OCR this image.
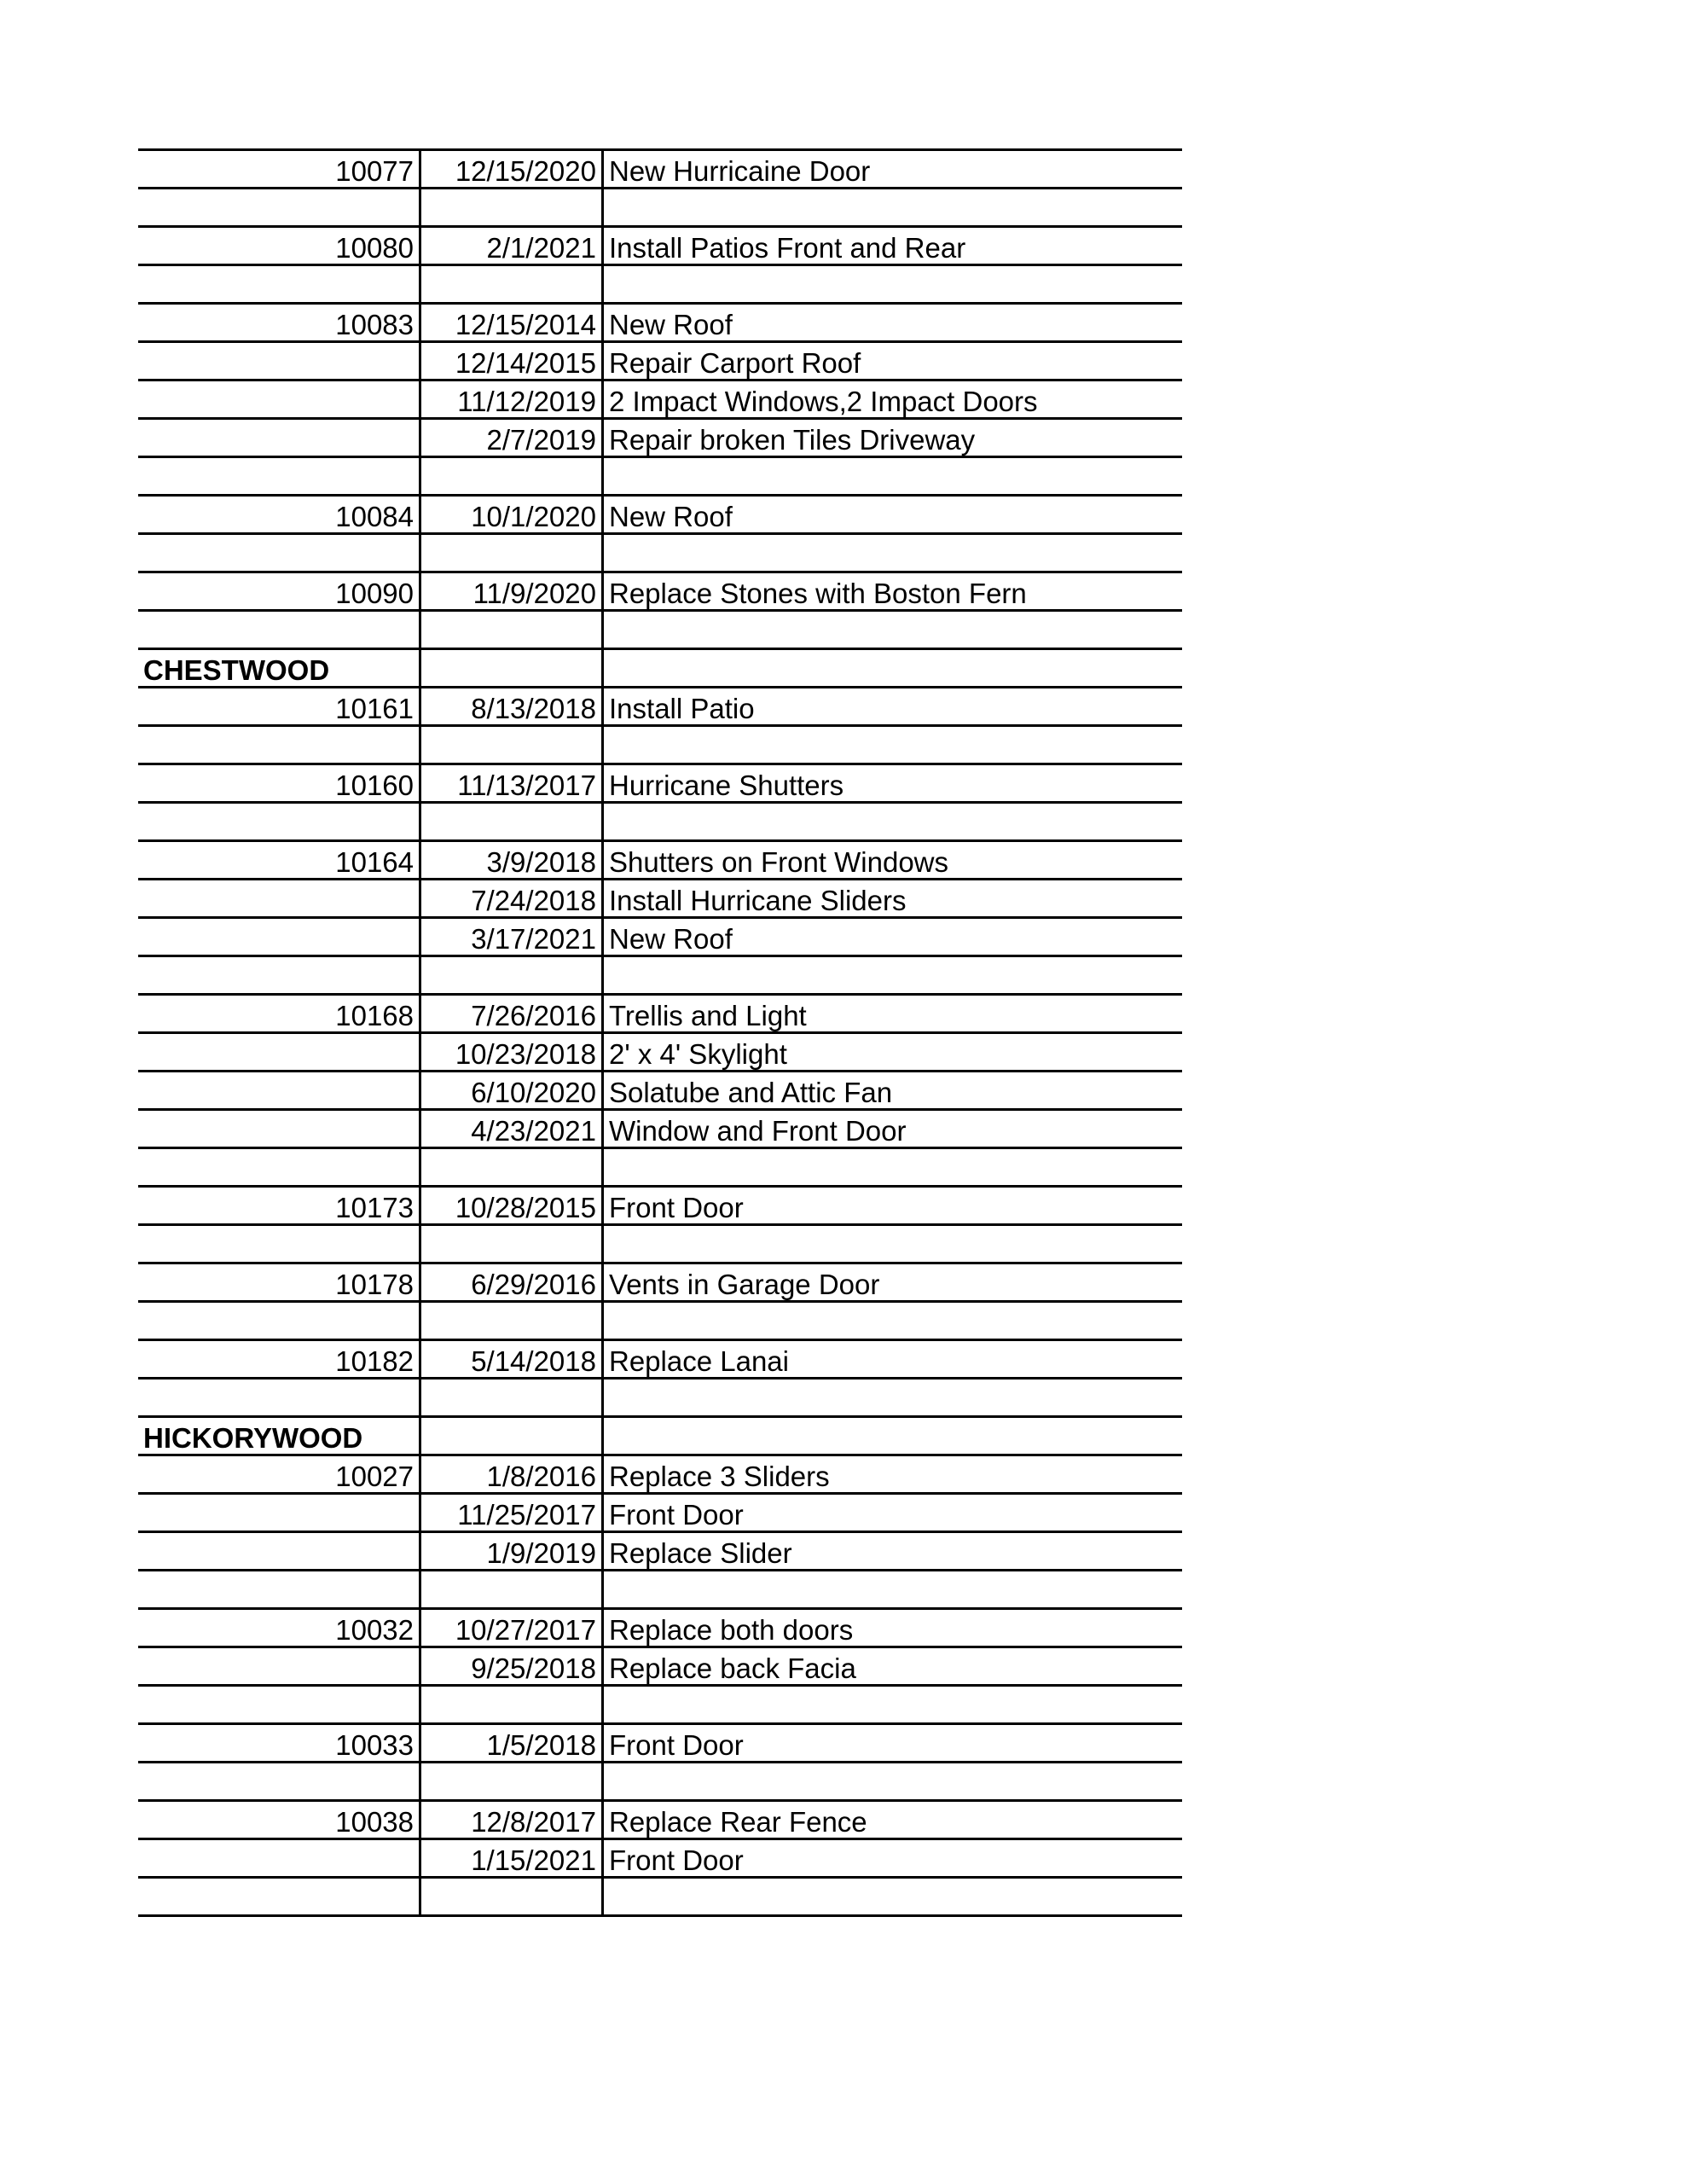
10077	12/15/2020 New Hurricaine Door
10080	2/1/2021 Install Patios Front and Rear
10083	12/15/2014 New Roof
12/14/2015 Repair Carport Roof
11/12/2019 2 Impact Windows,2 Impact Doors
2/7/2019 Repair broken Tiles Driveway
10084	10/1/2020 New Roof
10090	11/9/2020 Replace Stones with Boston Fern
CHESTWOOD
10161	8/13/2018 Install Patio
10160	11/13/2017 Hurricane Shutters
10164	3/9/2018 Shutters on Front Windows
7/24/2018 Install Hurricane Sliders
3/17/2021 New Roof
10168	7/26/2016 Trellis and Light
10/23/2018 2' x 4' Skylight
6/10/2020 Solatube and Attic Fan
4/23/2021 Window and Front Door
10173	10/28/2015 Front Door
10178	6/29/2016 Vents in Garage Door
10182	5/14/2018 Replace Lanai
HICKORYWOOD
10027	1/8/2016 Replace 3 Sliders
11/25/2017 Front Door
1/9/2019 Replace Slider
10032	10/27/2017 Replace both doors
9/25/2018 Replace back Facia
10033	1/5/2018 Front Door
10038	12/8/2017 Replace Rear Fence
1/15/2021 Front Door
